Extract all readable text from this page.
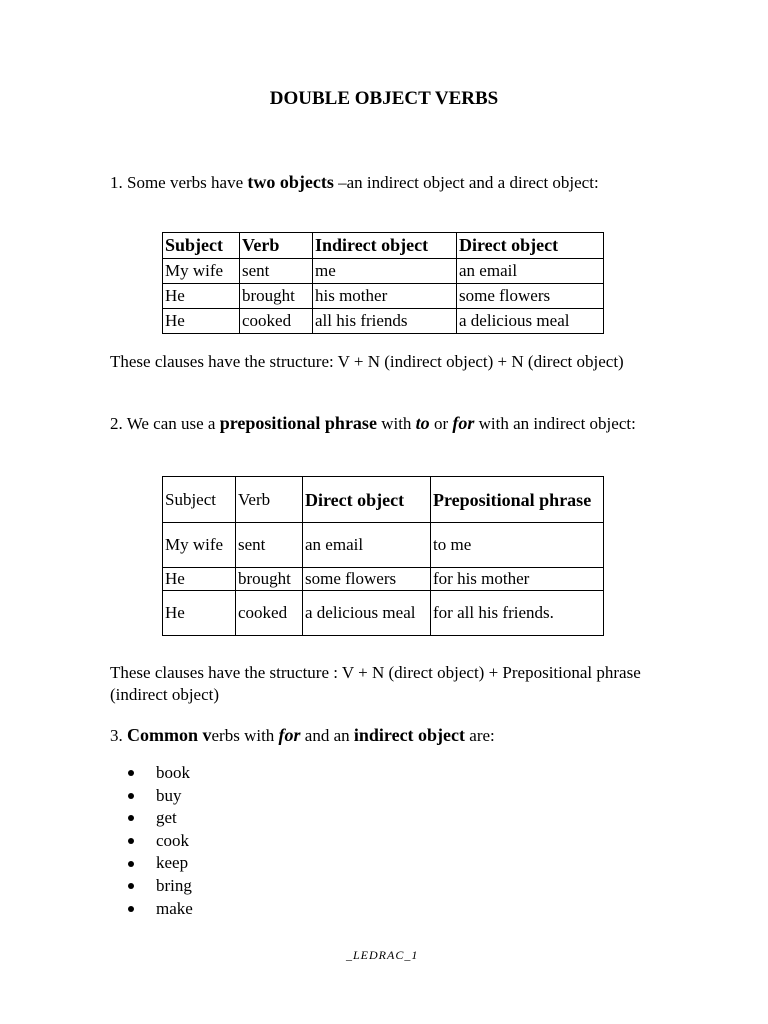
DOUBLE OBJECT VERBS
1. Some verbs have two objects –an indirect object and a direct object:
Subject	Verb	Indirect object	Direct object
My wife	sent	me	an email
He	brought	his mother	some flowers
He	cooked	all his friends	a delicious meal
These clauses have the structure: V + N (indirect object) + N (direct object)
2. We can use a prepositional phrase with to or for with an indirect object:
Subject	Verb	Direct object	Prepositional phrase
My wife	sent	an email	to me
He	brought	some flowers	for his mother
He	cooked	a delicious meal	for all his friends.
These clauses have the structure : V + N (direct object) + Prepositional phrase (indirect object)
3. Common verbs with for and an indirect object are:
book
buy
get
cook
keep
bring
make
_LEDRAC_1
